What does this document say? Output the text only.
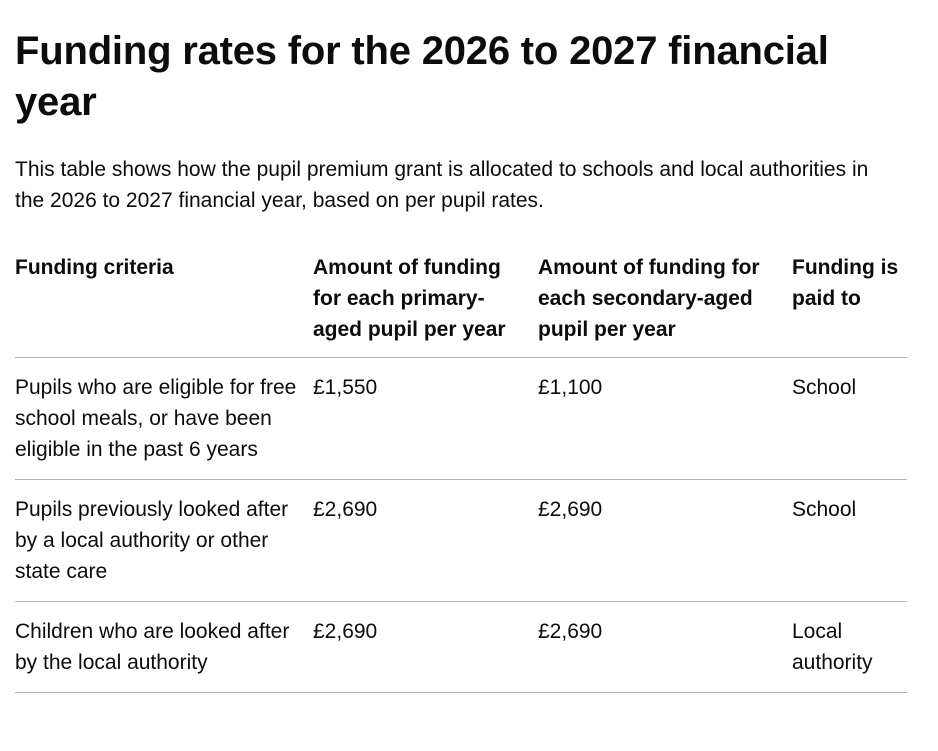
Funding rates for the 2026 to 2027 financial year

This table shows how the pupil premium grant is allocated to schools and local authorities in the 2026 to 2027 financial year, based on per pupil rates.

Funding criteria	Amount of funding for each primary-aged pupil per year	Amount of funding for each secondary-aged pupil per year	Funding is paid to
Pupils who are eligible for free school meals, or have been eligible in the past 6 years	£1,550	£1,100	School
Pupils previously looked after by a local authority or other state care	£2,690	£2,690	School
Children who are looked after by the local authority	£2,690	£2,690	Local authority
